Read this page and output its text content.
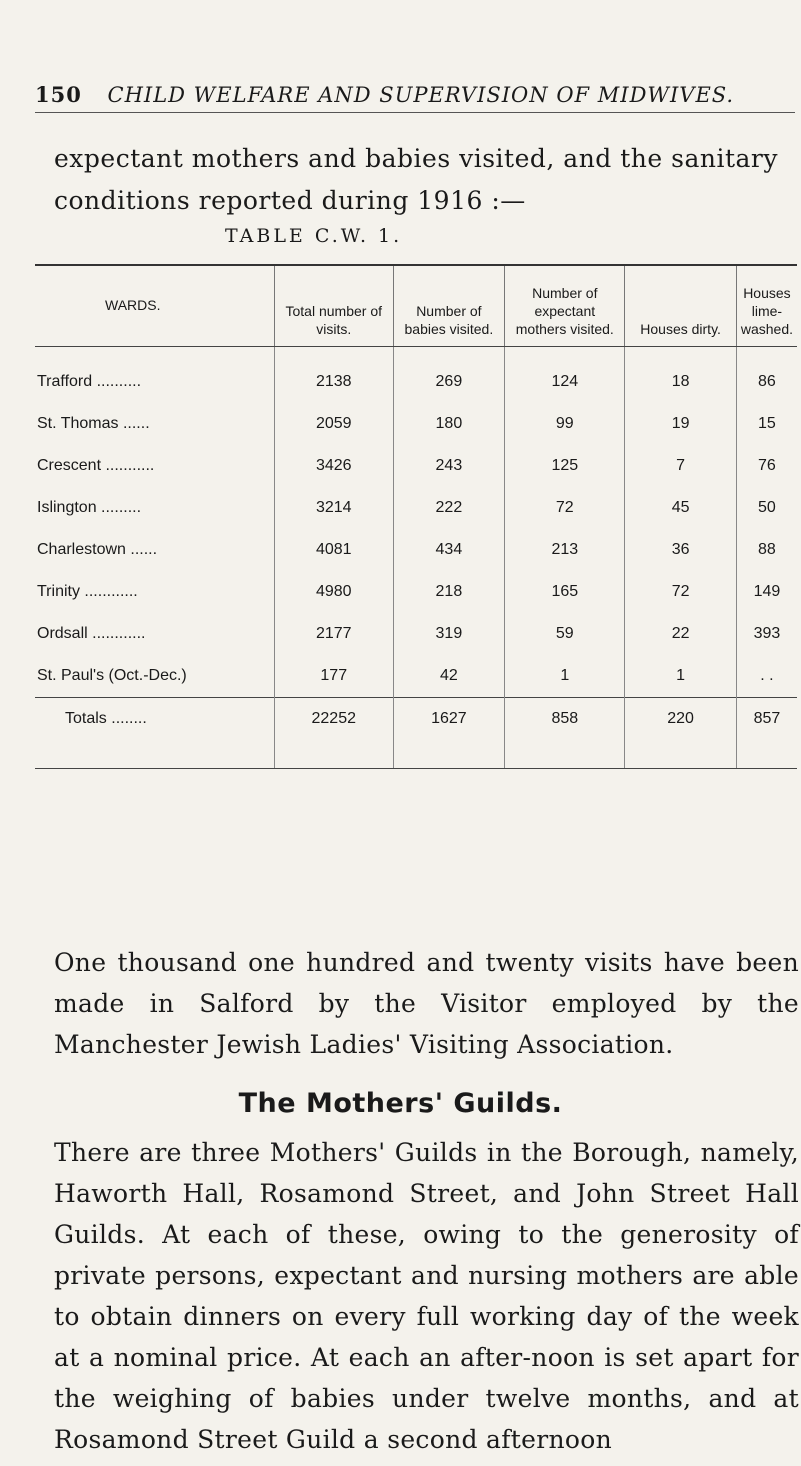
150 CHILD WELFARE AND SUPERVISION OF MIDWIVES.
expectant mothers and babies visited, and the sanitary conditions reported during 1916 :—
TABLE C.W. 1.
WARDS.	Total number of visits.	Number of babies visited.	Number of expectant mothers visited.	Houses dirty.	Houses lime-washed.
Trafford ..........	2138	269	124	18	86
St. Thomas ......	2059	180	99	19	15
Crescent ...........	3426	243	125	7	76
Islington .........	3214	222	72	45	50
Charlestown ......	4081	434	213	36	88
Trinity ............	4980	218	165	72	149
Ordsall ............	2177	319	59	22	393
St. Paul's (Oct.-Dec.)	177	42	1	1	. .
Totals ........	22252	1627	858	220	857
One thousand one hundred and twenty visits have been made in Salford by the Visitor employed by the Manchester Jewish Ladies' Visiting Association.
The Mothers' Guilds.
There are three Mothers' Guilds in the Borough, namely, Haworth Hall, Rosamond Street, and John Street Hall Guilds. At each of these, owing to the generosity of private persons, expectant and nursing mothers are able to obtain dinners on every full working day of the week at a nominal price. At each an after-noon is set apart for the weighing of babies under twelve months, and at Rosamond Street Guild a second afternoon
